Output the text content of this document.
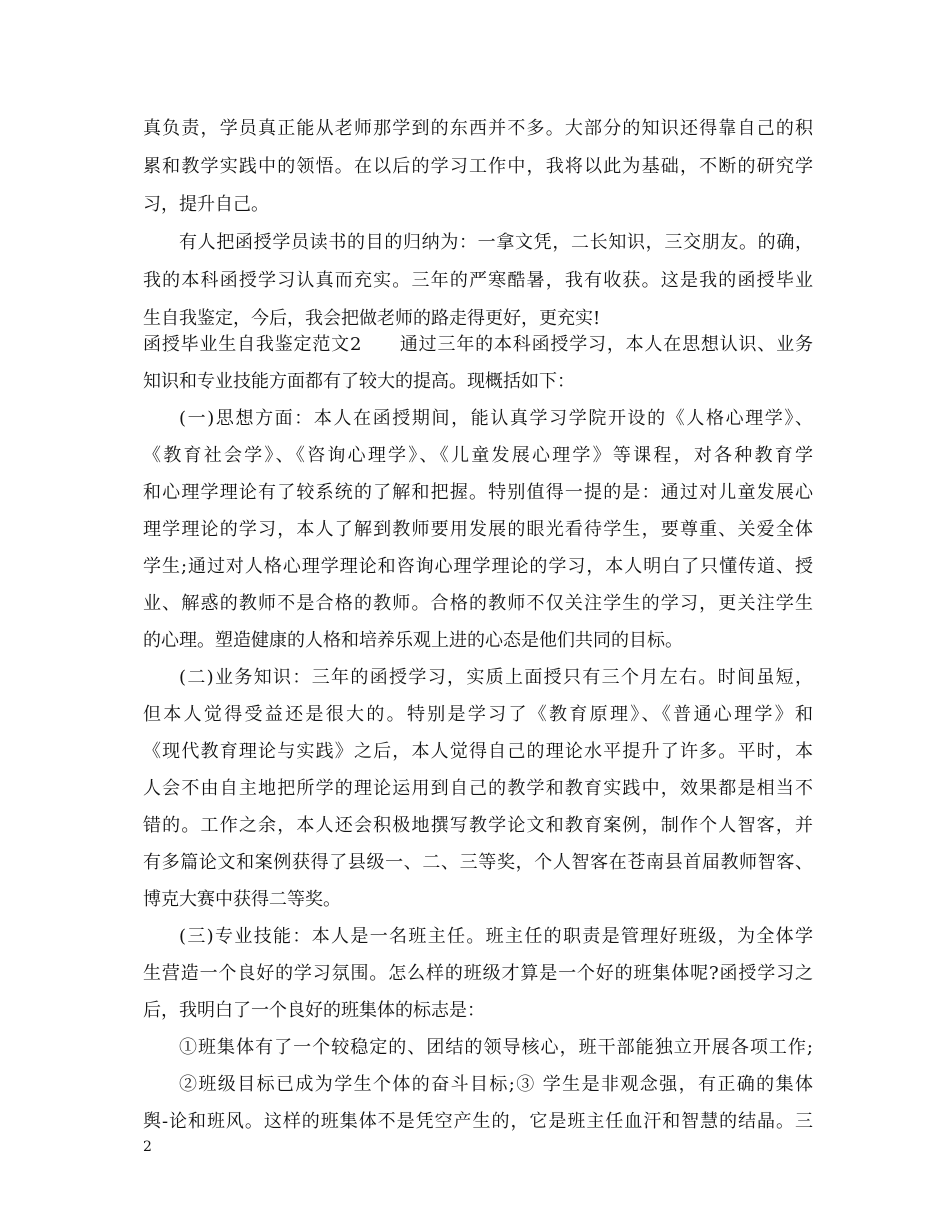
真负责，学员真正能从老师那学到的东西并不多。大部分的知识还得靠自己的积
累和教学实践中的领悟。在以后的学习工作中，我将以此为基础，不断的研究学
习，提升自己。
有人把函授学员读书的目的归纳为：一拿文凭，二长知识，三交朋友。的确，
我的本科函授学习认真而充实。三年的严寒酷暑，我有收获。这是我的函授毕业
生自我鉴定，今后，我会把做老师的路走得更好，更充实!
函授毕业生自我鉴定范文2　　通过三年的本科函授学习，本人在思想认识、业务
知识和专业技能方面都有了较大的提高。现概括如下：
(一)思想方面：本人在函授期间，能认真学习学院开设的《人格心理学》、
《教育社会学》、《咨询心理学》、《儿童发展心理学》等课程，对各种教育学
和心理学理论有了较系统的了解和把握。特别值得一提的是：通过对儿童发展心
理学理论的学习，本人了解到教师要用发展的眼光看待学生，要尊重、关爱全体
学生;通过对人格心理学理论和咨询心理学理论的学习，本人明白了只懂传道、授
业、解惑的教师不是合格的教师。合格的教师不仅关注学生的学习，更关注学生
的心理。塑造健康的人格和培养乐观上进的心态是他们共同的目标。
(二)业务知识：三年的函授学习，实质上面授只有三个月左右。时间虽短，
但本人觉得受益还是很大的。特别是学习了《教育原理》、《普通心理学》和
《现代教育理论与实践》之后，本人觉得自己的理论水平提升了许多。平时，本
人会不由自主地把所学的理论运用到自己的教学和教育实践中，效果都是相当不
错的。工作之余，本人还会积极地撰写教学论文和教育案例，制作个人智客，并
有多篇论文和案例获得了县级一、二、三等奖，个人智客在苍南县首届教师智客、
博克大赛中获得二等奖。
(三)专业技能：本人是一名班主任。班主任的职责是管理好班级，为全体学
生营造一个良好的学习氛围。怎么样的班级才算是一个好的班集体呢?函授学习之
后，我明白了一个良好的班集体的标志是：
①班集体有了一个较稳定的、团结的领导核心，班干部能独立开展各项工作;
②班级目标已成为学生个体的奋斗目标;③ 学生是非观念强，有正确的集体
舆-论和班风。这样的班集体不是凭空产生的，它是班主任血汗和智慧的结晶。三
2
